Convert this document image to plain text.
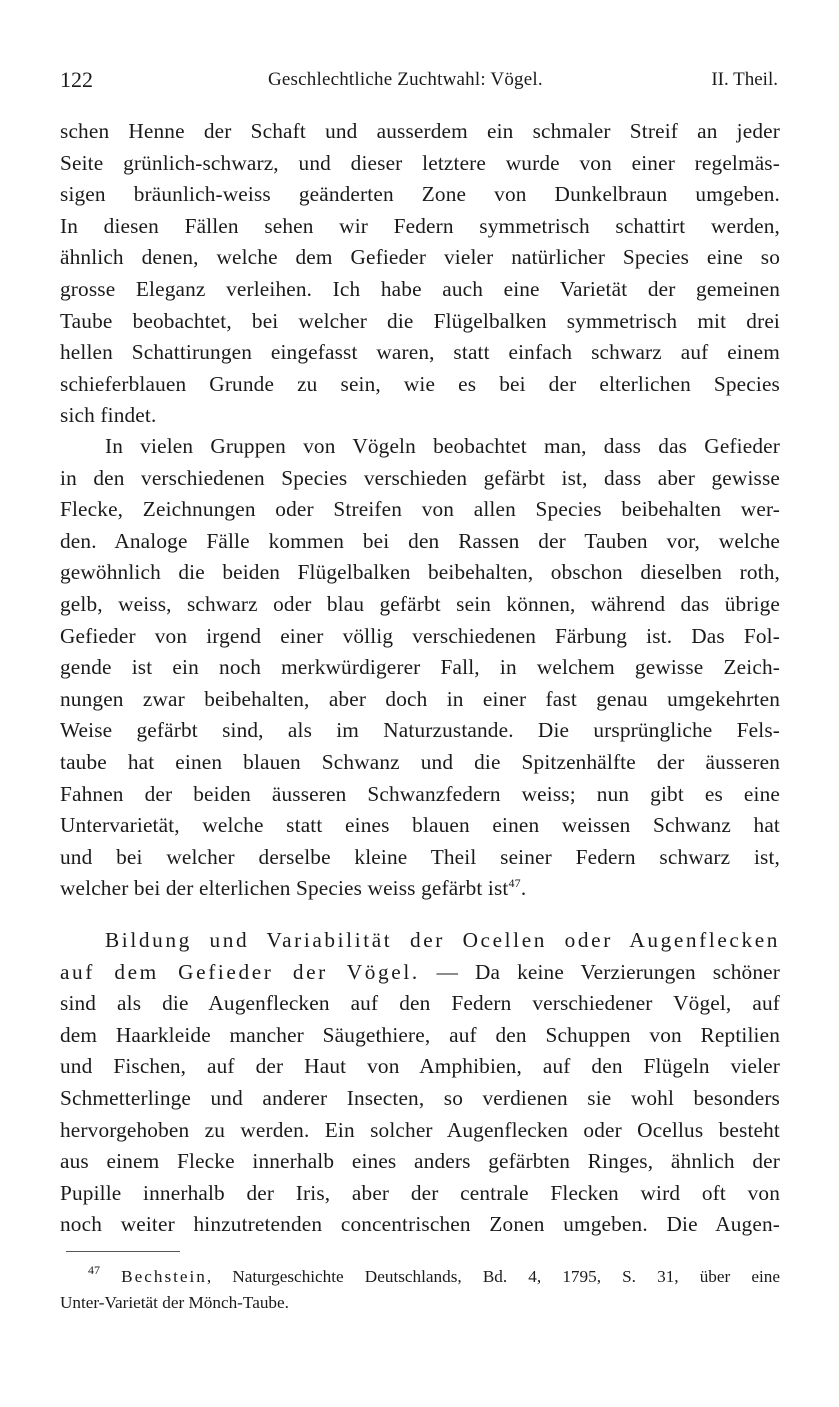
122	Geschlechtliche Zuchtwahl: Vögel.	II. Theil.
schen Henne der Schaft und ausserdem ein schmaler Streif an jeder
Seite grünlich-schwarz, und dieser letztere wurde von einer regelmäs-
sigen bräunlich-weiss geänderten Zone von Dunkelbraun umgeben.
In diesen Fällen sehen wir Federn symmetrisch schattirt werden,
ähnlich denen, welche dem Gefieder vieler natürlicher Species eine so
grosse Eleganz verleihen. Ich habe auch eine Varietät der gemeinen
Taube beobachtet, bei welcher die Flügelbalken symmetrisch mit drei
hellen Schattirungen eingefasst waren, statt einfach schwarz auf einem
schieferblauen Grunde zu sein, wie es bei der elterlichen Species
sich findet.
In vielen Gruppen von Vögeln beobachtet man, dass das Gefieder
in den verschiedenen Species verschieden gefärbt ist, dass aber gewisse
Flecke, Zeichnungen oder Streifen von allen Species beibehalten wer-
den. Analoge Fälle kommen bei den Rassen der Tauben vor, welche
gewöhnlich die beiden Flügelbalken beibehalten, obschon dieselben roth,
gelb, weiss, schwarz oder blau gefärbt sein können, während das übrige
Gefieder von irgend einer völlig verschiedenen Färbung ist. Das Fol-
gende ist ein noch merkwürdigerer Fall, in welchem gewisse Zeich-
nungen zwar beibehalten, aber doch in einer fast genau umgekehrten
Weise gefärbt sind, als im Naturzustande. Die ursprüngliche Fels-
taube hat einen blauen Schwanz und die Spitzenhälfte der äusseren
Fahnen der beiden äusseren Schwanzfedern weiss; nun gibt es eine
Untervarietät, welche statt eines blauen einen weissen Schwanz hat
und bei welcher derselbe kleine Theil seiner Federn schwarz ist,
welcher bei der elterlichen Species weiss gefärbt ist$^{47}$.
Bildung und Variabilität der Ocellen oder Augenflecken
auf dem Gefieder der Vögel. — Da keine Verzierungen schöner
sind als die Augenflecken auf den Federn verschiedener Vögel, auf
dem Haarkleide mancher Säugethiere, auf den Schuppen von Reptilien
und Fischen, auf der Haut von Amphibien, auf den Flügeln vieler
Schmetterlinge und anderer Insecten, so verdienen sie wohl besonders
hervorgehoben zu werden. Ein solcher Augenflecken oder Ocellus besteht
aus einem Flecke innerhalb eines anders gefärbten Ringes, ähnlich der
Pupille innerhalb der Iris, aber der centrale Flecken wird oft von
noch weiter hinzutretenden concentrischen Zonen umgeben. Die Augen-
$^{47}$ Bechstein, Naturgeschichte Deutschlands, Bd. 4, 1795, S. 31, über eine
Unter-Varietät der Mönch-Taube.
